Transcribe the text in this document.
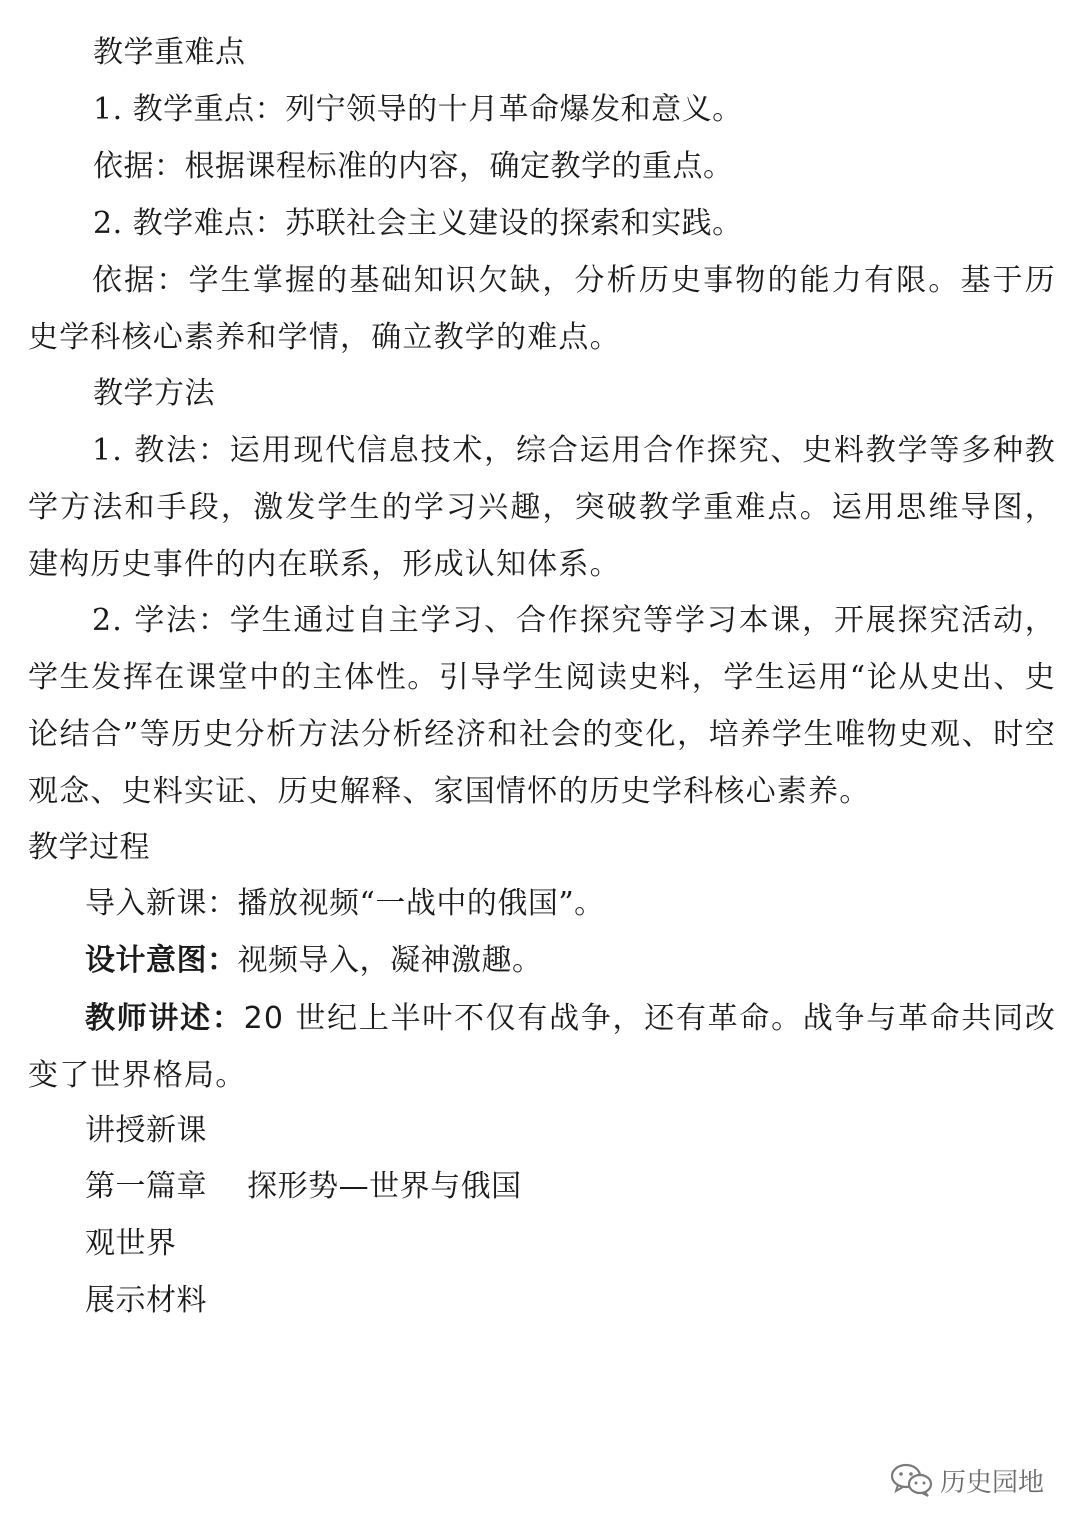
教学重难点
1. 教学重点：列宁领导的十月革命爆发和意义。
依据：根据课程标准的内容，确定教学的重点。
2. 教学难点：苏联社会主义建设的探索和实践。
依据：学生掌握的基础知识欠缺，分析历史事物的能力有限。基于历史学科核心素养和学情，确立教学的难点。
教学方法
1. 教法：运用现代信息技术，综合运用合作探究、史料教学等多种教学方法和手段，激发学生的学习兴趣，突破教学重难点。运用思维导图，建构历史事件的内在联系，形成认知体系。
2. 学法：学生通过自主学习、合作探究等学习本课，开展探究活动，学生发挥在课堂中的主体性。引导学生阅读史料，学生运用“论从史出、史论结合”等历史分析方法分析经济和社会的变化，培养学生唯物史观、时空观念、史料实证、历史解释、家国情怀的历史学科核心素养。
教学过程
导入新课：播放视频“一战中的俄国”。
设计意图：视频导入，凝神激趣。
教师讲述：20 世纪上半叶不仅有战争，还有革命。战争与革命共同改变了世界格局。
讲授新课
第一篇章    探形势—世界与俄国
观世界
展示材料
历史园地
